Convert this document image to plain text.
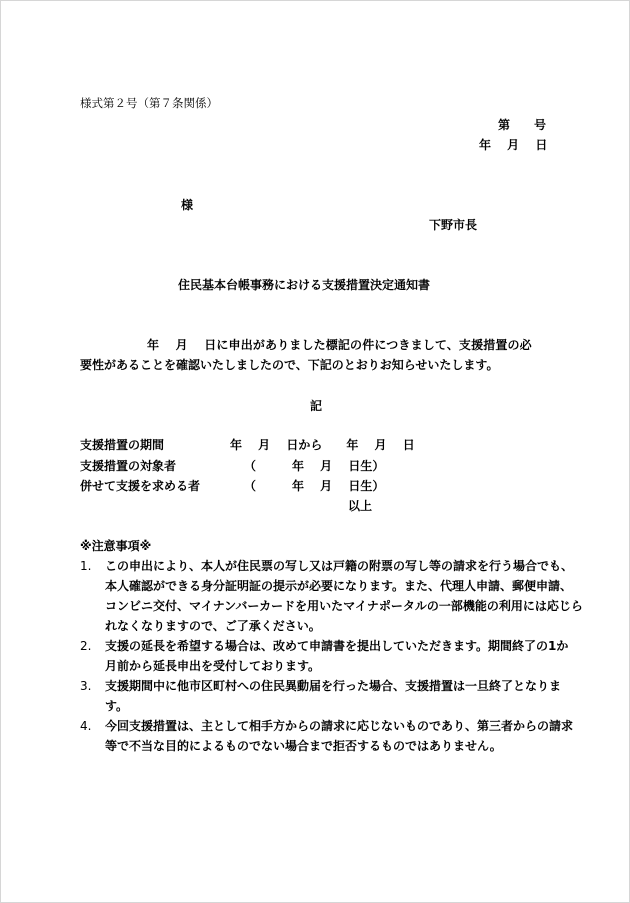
様式第２号（第７条関係）
第　　号
年　 月　 日
様
下野市長
住民基本台帳事務における支援措置決定通知書
年　 月　 日に申出がありました標記の件につきまして、支援措置の必
要性があることを確認いたしましたので、下記のとおりお知らせいたします。
記
支援措置の期間	年　 月　 日から　　年　 月　 日
支援措置の対象者	（　　　年　 月　 日生）
併せて支援を求める者	（　　　年　 月　 日生）
以上
※注意事項※
1. この申出により、本人が住民票の写し又は戸籍の附票の写し等の請求を行う場合でも、
本人確認ができる身分証明証の提示が必要になります。また、代理人申請、郵便申請、
コンビニ交付、マイナンバーカードを用いたマイナポータルの一部機能の利用には応じら
れなくなりますので、ご了承ください。
2. 支援の延長を希望する場合は、改めて申請書を提出していただきます。期間終了の1か
月前から延長申出を受付しております。
3. 支援期間中に他市区町村への住民異動届を行った場合、支援措置は一旦終了となりま
す。
4. 今回支援措置は、主として相手方からの請求に応じないものであり、第三者からの請求
等で不当な目的によるものでない場合まで拒否するものではありません。
